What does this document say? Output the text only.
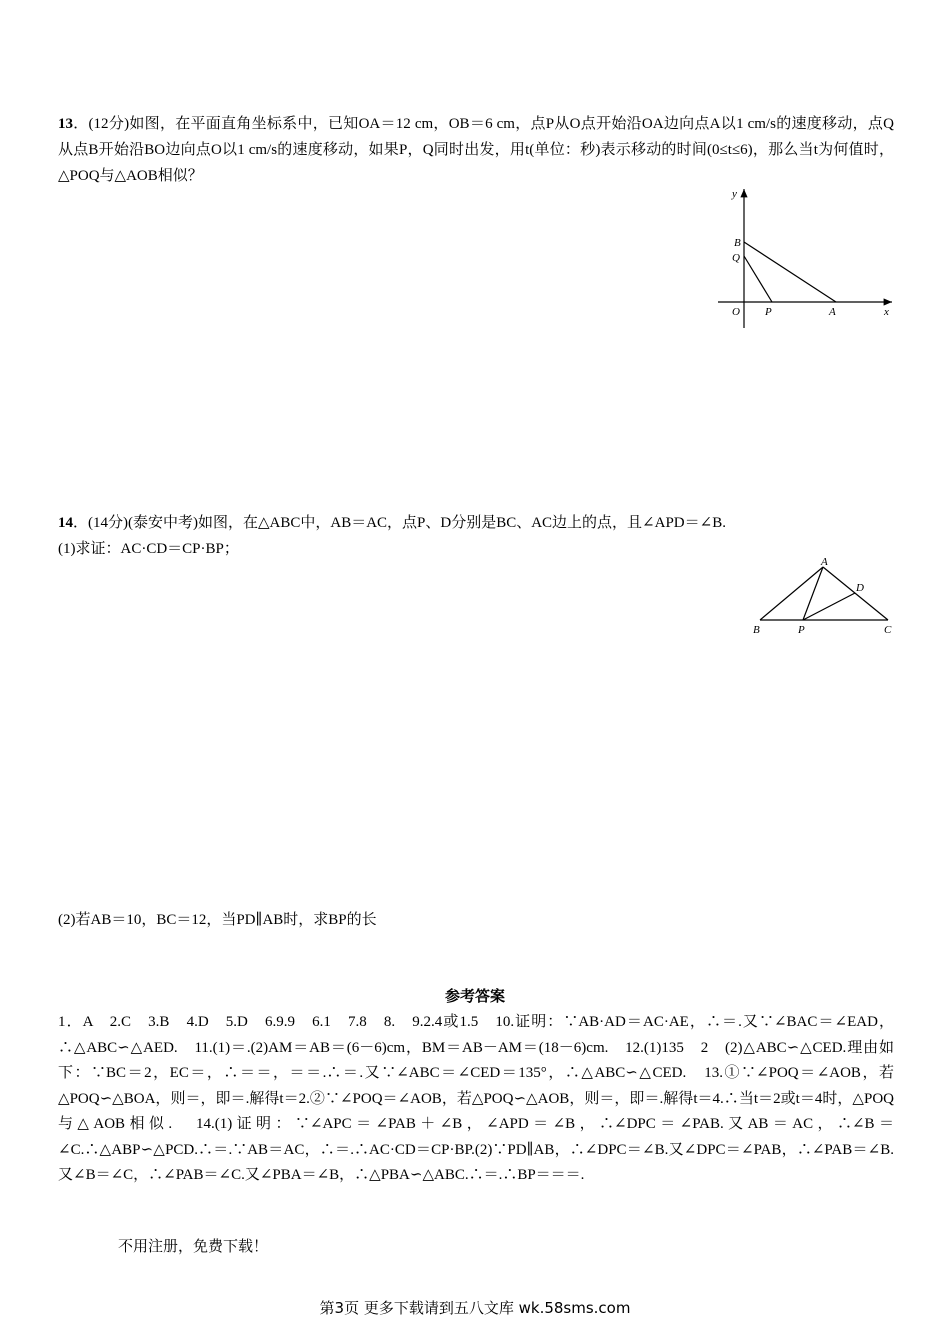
13．(12分)如图，在平面直角坐标系中，已知OA＝12 cm，OB＝6 cm，点P从O点开始沿OA边向点A以1 cm/s的速度移动，点Q从点B开始沿BO边向点O以1 cm/s的速度移动，如果P，Q同时出发，用t(单位：秒)表示移动的时间(0≤t≤6)，那么当t为何值时，△POQ与△AOB相似？
y
B
Q
O P	A	x
14．(14分)(泰安中考)如图，在△ABC中，AB＝AC，点P、D分别是BC、AC边上的点，且∠APD＝∠B.
(1)求证：AC·CD＝CP·BP；
A
B	C
D
P
(2)若AB＝10，BC＝12，当PD∥AB时，求BP的长
参考答案
1．A　2.C　3.B　4.D　5.D　6.9.9　6.1　7.8　8.　9.2.4或1.5　10.证明：∵AB·AD＝AC·AE，∴＝.又∵∠BAC＝∠EAD，∴△ABC∽△AED.　11.(1)＝.(2)AM＝AB＝(6－6)cm，BM＝AB－AM＝(18－6)cm.　12.(1)135　2　(2)△ABC∽△CED.理由如下：∵BC＝2，EC＝，∴＝＝，＝＝.∴＝.又∵∠ABC＝∠CED＝135°，∴△ABC∽△CED.　13.①∵∠POQ＝∠AOB，若△POQ∽△BOA，则＝，即＝.解得t＝2.②∵∠POQ＝∠AOB，若△POQ∽△AOB，则＝，即＝.解得t＝4.∴当t＝2或t＝4时，△POQ与△AOB相似.　14.(1)证明：∵∠APC＝∠PAB＋∠B，∠APD＝∠B，∴∠DPC＝∠PAB.又AB＝AC，∴∠B＝∠C.∴△ABP∽△PCD.∴＝.∵AB＝AC，∴＝.∴AC·CD＝CP·BP.(2)∵PD∥AB，∴∠DPC＝∠B.又∠DPC＝∠PAB，∴∠PAB＝∠B.又∠B＝∠C，∴∠PAB＝∠C.又∠PBA＝∠B，∴△PBA∽△ABC.∴＝.∴BP＝＝＝.
不用注册，免费下载！
第3页 更多下载请到五八文库 wk.58sms.com
